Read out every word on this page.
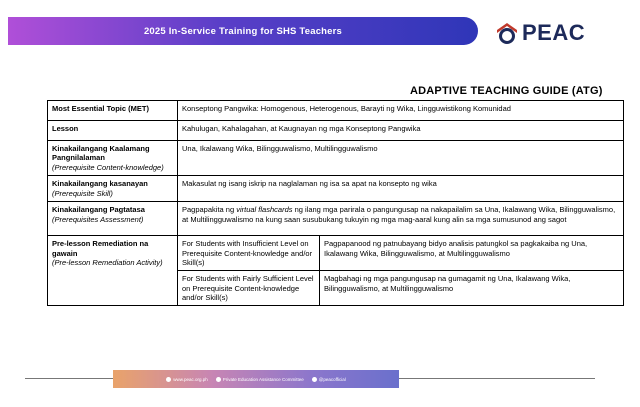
2025 In-Service Training for SHS Teachers	PEAC
ADAPTIVE TEACHING GUIDE (ATG)
Most Essential Topic (MET)	Konseptong Pangwika: Homogenous, Heterogenous, Barayti ng Wika, Lingguwistikong Komunidad	
Lesson	Kahulugan, Kahalagahan, at Kaugnayan ng mga Konseptong Pangwika	
Kinakailangang Kaalamang Pangnilalaman
(Prerequisite Content-knowledge)	Una, Ikalawang Wika, Bilingguwalismo, Multilingguwalismo	
Kinakailangang kasanayan
(Prerequisite Skill)	Makasulat ng isang iskrip na naglalaman ng isa sa apat na konsepto ng wika	
Kinakailangang Pagtatasa
(Prerequisites Assessment)	Pagpapakita ng virtual flashcards ng ilang mga parirala o pangungusap na nakapailalim sa Una, Ikalawang Wika, Bilingguwalismo, at Multilingguwalismo na kung saan susubukang tukuyin ng mga mag-aaral kung alin sa mga sumusunod ang sagot	
Pre-lesson Remediation na gawain
(Pre-lesson Remediation Activity)	For Students with Insufficient Level on Prerequisite Content-knowledge and/or Skill(s)	Pagpapanood ng patnubayang bidyo analisis patungkol sa pagkakaiba ng Una, Ikalawang Wika, Bilingguwalismo, at Multilingguwalismo
	For Students with Fairly Sufficient Level on Prerequisite Content-knowledge and/or Skill(s)	Magbahagi ng mga pangungusap na gumagamit ng Una, Ikalawang Wika, Bilingguwalismo, at Multilingguwalismo
www.peac.org.ph	Private Education Assistance Committee	@peacofficial
